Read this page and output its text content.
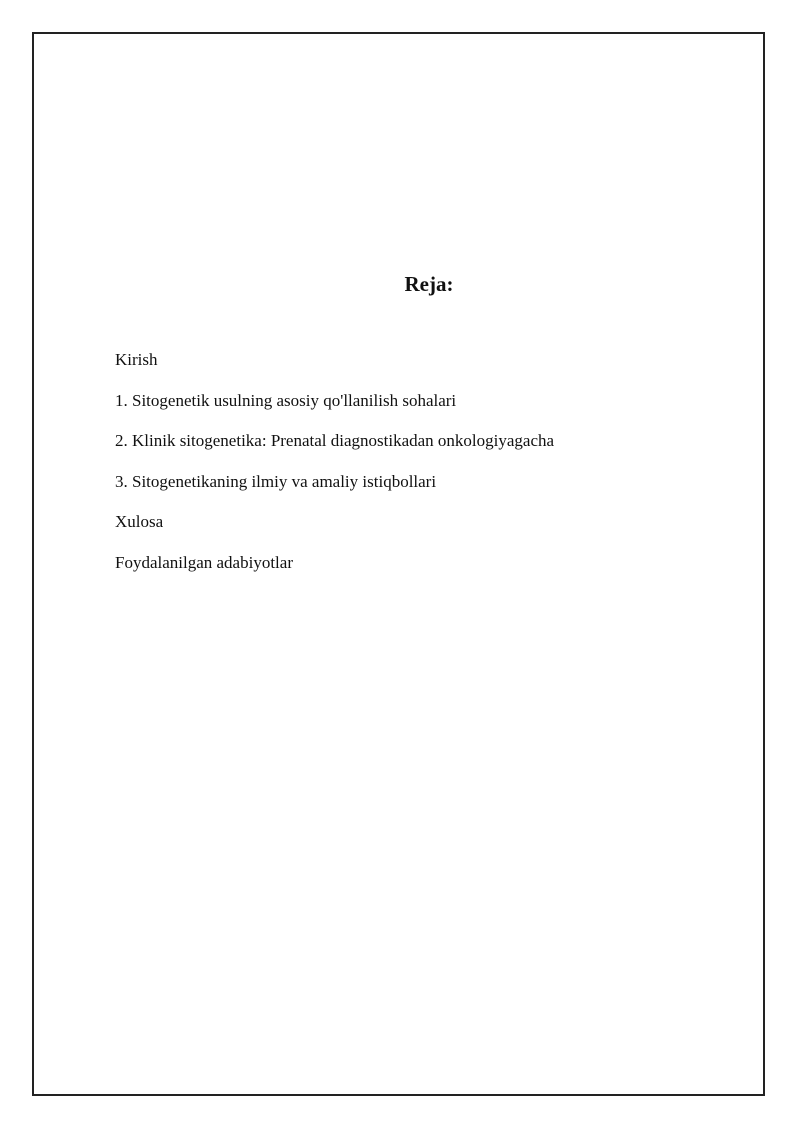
Reja:
Kirish
1. Sitogenetik usulning asosiy qo'llanilish sohalari
2. Klinik sitogenetika: Prenatal diagnostikadan onkologiyagacha
3. Sitogenetikaning ilmiy va amaliy istiqbollari
Xulosa
Foydalanilgan adabiyotlar
